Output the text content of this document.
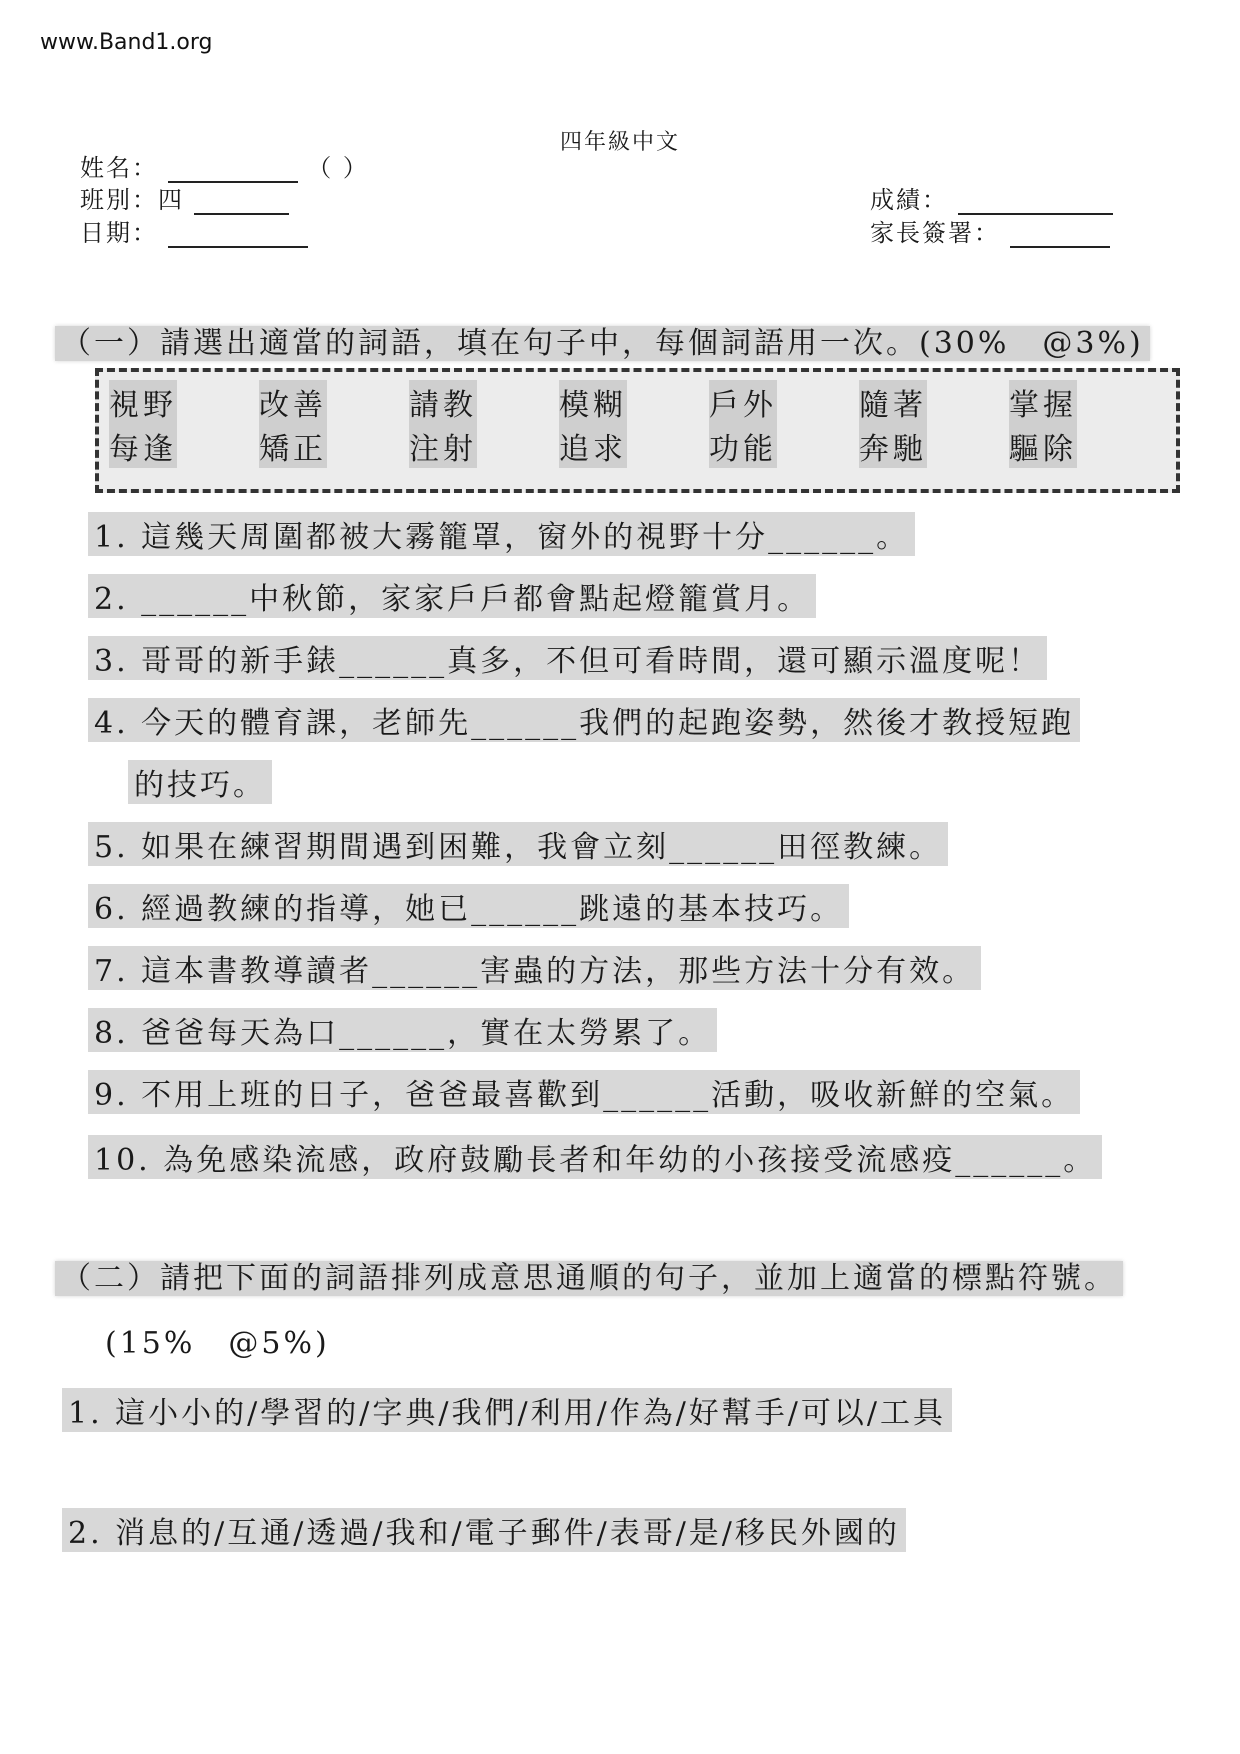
www.Band1.org
四年級中文
姓名：	（ ）
班別：四
日期：
成績：
家長簽署：
（一）請選出適當的詞語，填在句子中，每個詞語用一次。(30%　@3%)
視野	改善	請教	模糊	戶外	隨著	掌握
每逢	矯正	注射	追求	功能	奔馳	驅除
1. 這幾天周圍都被大霧籠罩，窗外的視野十分______。
2. ______中秋節，家家戶戶都會點起燈籠賞月。
3. 哥哥的新手錶______真多，不但可看時間，還可顯示溫度呢！
4. 今天的體育課，老師先______我們的起跑姿勢，然後才教授短跑
的技巧。
5. 如果在練習期間遇到困難，我會立刻______田徑教練。
6. 經過教練的指導，她已______跳遠的基本技巧。
7. 這本書教導讀者______害蟲的方法，那些方法十分有效。
8. 爸爸每天為口______，實在太勞累了。
9. 不用上班的日子，爸爸最喜歡到______活動，吸收新鮮的空氣。
10. 為免感染流感，政府鼓勵長者和年幼的小孩接受流感疫______。
（二）請把下面的詞語排列成意思通順的句子，並加上適當的標點符號。
(15%　@5%)
1. 這小小的/學習的/字典/我們/利用/作為/好幫手/可以/工具
2. 消息的/互通/透過/我和/電子郵件/表哥/是/移民外國的
